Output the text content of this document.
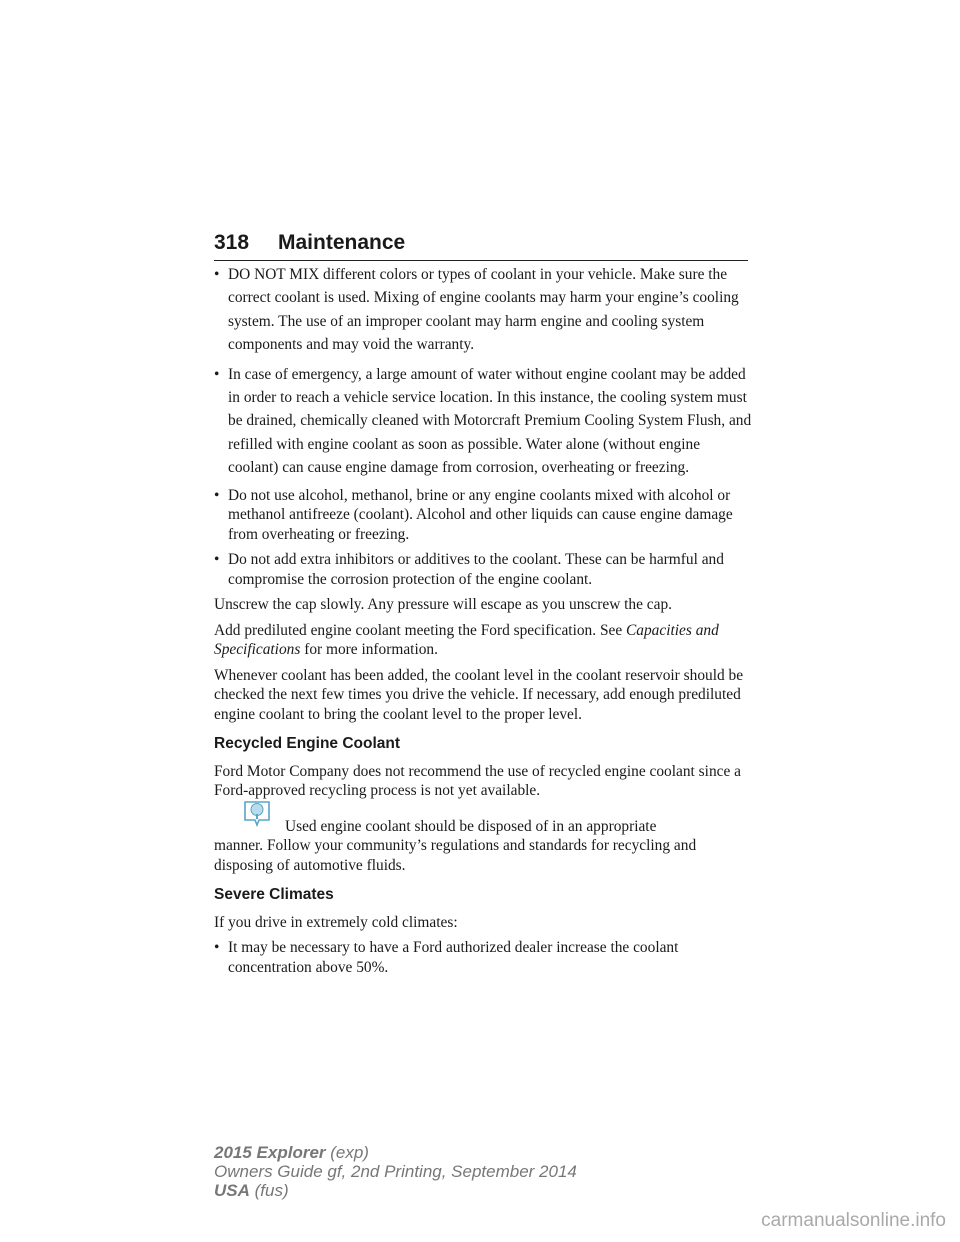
318 Maintenance
• DO NOT MIX different colors or types of coolant in your vehicle. Make sure the correct coolant is used. Mixing of engine coolants may harm your engine’s cooling system. The use of an improper coolant may harm engine and cooling system components and may void the warranty.
• In case of emergency, a large amount of water without engine coolant may be added in order to reach a vehicle service location. In this instance, the cooling system must be drained, chemically cleaned with Motorcraft Premium Cooling System Flush, and refilled with engine coolant as soon as possible. Water alone (without engine coolant) can cause engine damage from corrosion, overheating or freezing.
• Do not use alcohol, methanol, brine or any engine coolants mixed with alcohol or methanol antifreeze (coolant). Alcohol and other liquids can cause engine damage from overheating or freezing.
• Do not add extra inhibitors or additives to the coolant. These can be harmful and compromise the corrosion protection of the engine coolant.

Unscrew the cap slowly. Any pressure will escape as you unscrew the cap.

Add prediluted engine coolant meeting the Ford specification. See Capacities and Specifications for more information.

Whenever coolant has been added, the coolant level in the coolant reservoir should be checked the next few times you drive the vehicle. If necessary, add enough prediluted engine coolant to bring the coolant level to the proper level.

Recycled Engine Coolant

Ford Motor Company does not recommend the use of recycled engine coolant since a Ford-approved recycling process is not yet available.

Used engine coolant should be disposed of in an appropriate
manner. Follow your community’s regulations and standards for recycling and disposing of automotive fluids.
Severe Climates

If you drive in extremely cold climates:

• It may be necessary to have a Ford authorized dealer increase the coolant concentration above 50%.
2015 Explorer (exp)
Owners Guide gf, 2nd Printing, September 2014
USA (fus)
carmanualsonline.info
